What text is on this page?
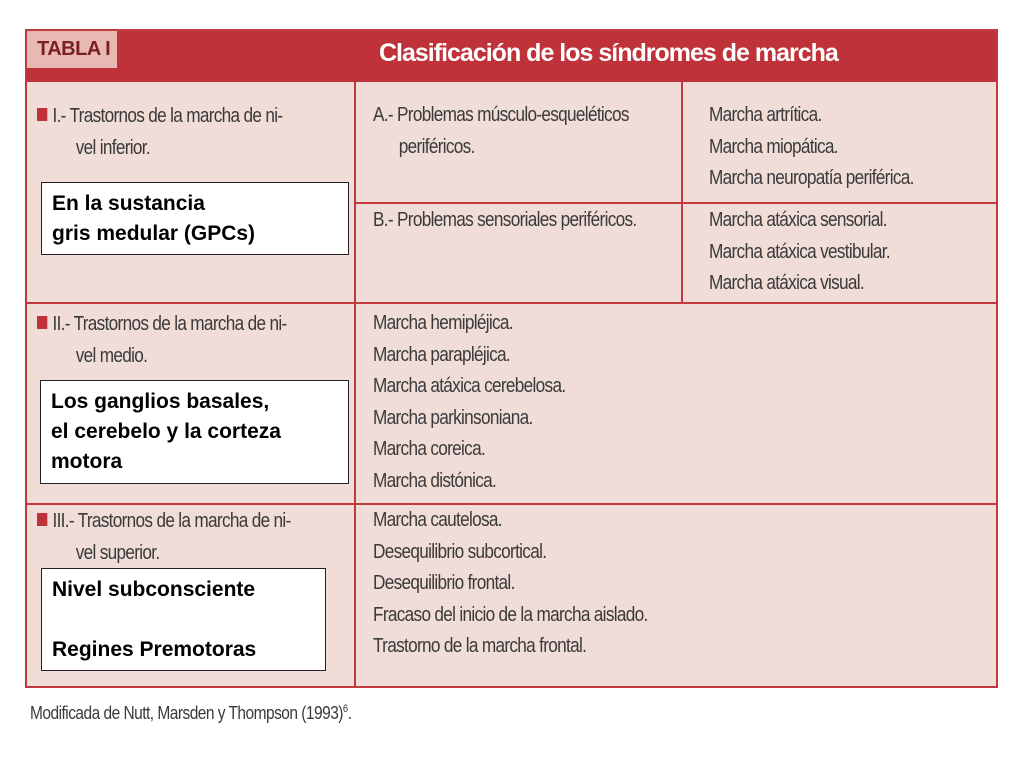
TABLA I	Clasificación de los síndromes de marcha
I.- Trastornos de la marcha de ni-
vel inferior.
A.- Problemas músculo-esqueléticos
periféricos.
Marcha artrítica.
Marcha miopática.
Marcha neuropatía periférica.
B.- Problemas sensoriales periféricos.	Marcha atáxica sensorial.
Marcha atáxica vestibular.
Marcha atáxica visual.
II.- Trastornos de la marcha de ni-
vel medio.
Marcha hemipléjica.
Marcha parapléjica.
Marcha atáxica cerebelosa.
Marcha parkinsoniana.
Marcha coreica.
Marcha distónica.
III.- Trastornos de la marcha de ni-
vel superior.
Marcha cautelosa.
Desequilibrio subcortical.
Desequilibrio frontal.
Fracaso del inicio de la marcha aislado.
Trastorno de la marcha frontal.
En la sustancia
gris medular (GPCs)
Los ganglios basales,
el cerebelo y la corteza
motora
Nivel subconsciente
Regines Premotoras
Modificada de Nutt, Marsden y Thompson $(1993)^6$.
